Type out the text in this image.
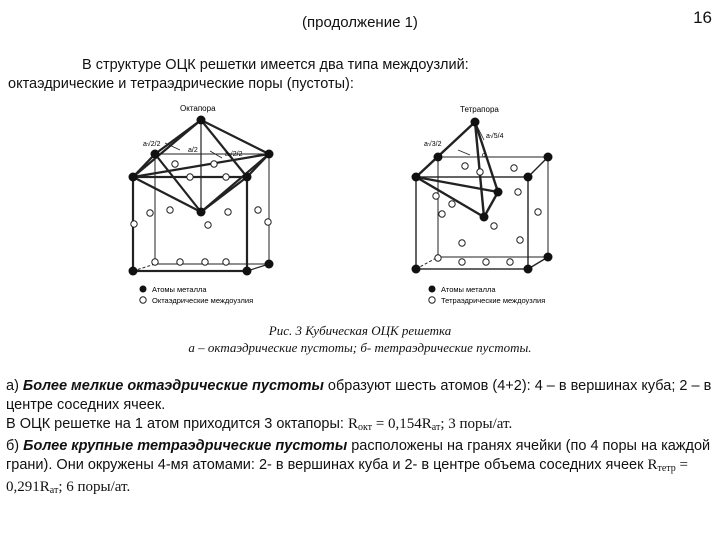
(продолжение 1)	16
В структуре ОЦК решетки имеется два типа междоузлий:
октаэдрические и тетраэдрические поры (пустоты):
Октапора
а√2/2
а/2
а√2/2
Атомы металла
Октаэдрические междоузлия
Тетрапора
а√5/4
а√3/2
с
Атомы металла
Тетраэдрические междоузлия
Рис. 3 Кубическая ОЦК решетка
а – октаэдрические пустоты; б- тетраэдрические пустоты.
а) Более мелкие октаэдрические пустоты образуют шесть атомов (4+2): 4 – в вершинах куба; 2 – в центре соседних ячеек.
В ОЦК решетке на 1 атом приходится 3 октапоры: $R_{окт} = 0,154R_{ат}$; 3 поры/ат.
б) Более крупные тетраэдрические пустоты расположены на гранях ячейки (по 4 поры на каждой грани). Они окружены 4-мя атомами: 2- в вершинах куба и 2- в центре объема соседних ячеек $R_{тетр} = 0,291R_{ат}$; 6 поры/ат.
